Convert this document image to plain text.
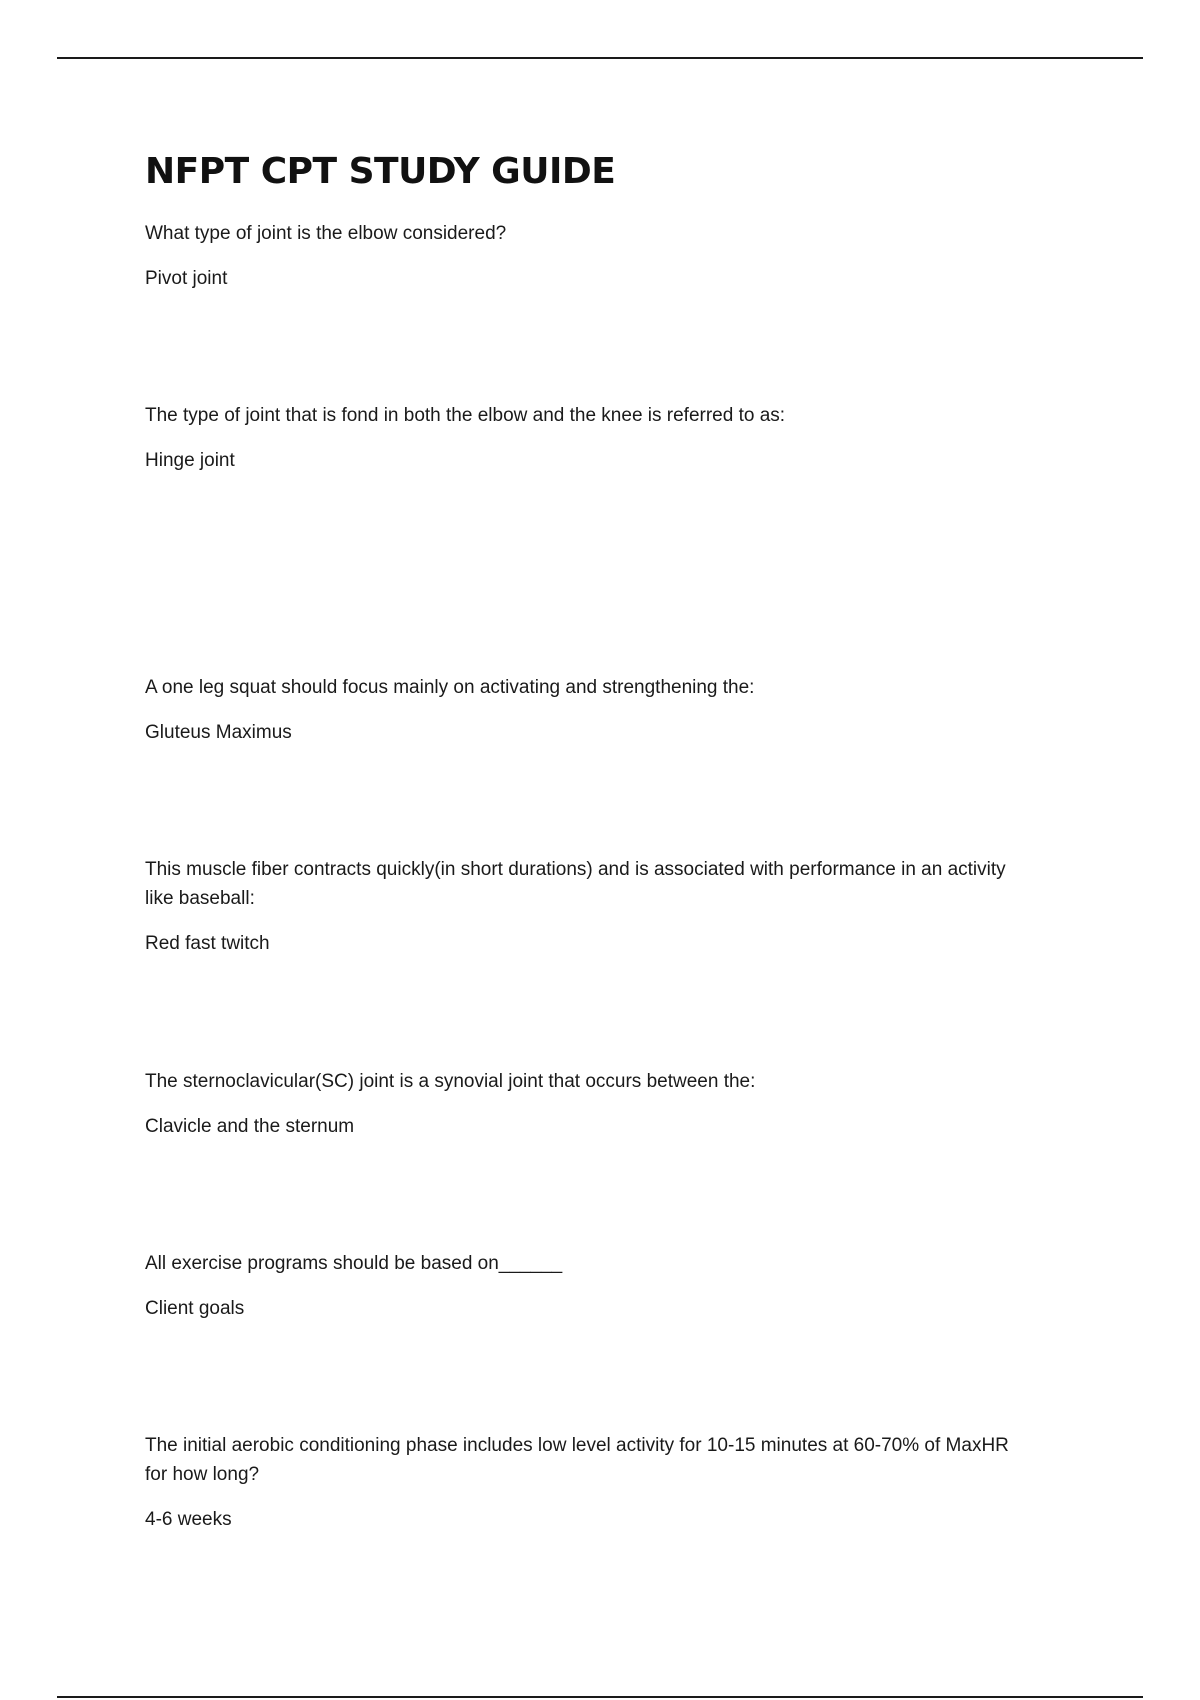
NFPT CPT STUDY GUIDE

What type of joint is the elbow considered?

Pivot joint

The type of joint that is fond in both the elbow and the knee is referred to as:

Hinge joint

A one leg squat should focus mainly on activating and strengthening the:

Gluteus Maximus

This muscle fiber contracts quickly(in short durations) and is associated with performance in an activity like baseball:

Red fast twitch

The sternoclavicular(SC) joint is a synovial joint that occurs between the:

Clavicle and the sternum

All exercise programs should be based on______

Client goals

The initial aerobic conditioning phase includes low level activity for 10-15 minutes at 60-70% of MaxHR for how long?

4-6 weeks
